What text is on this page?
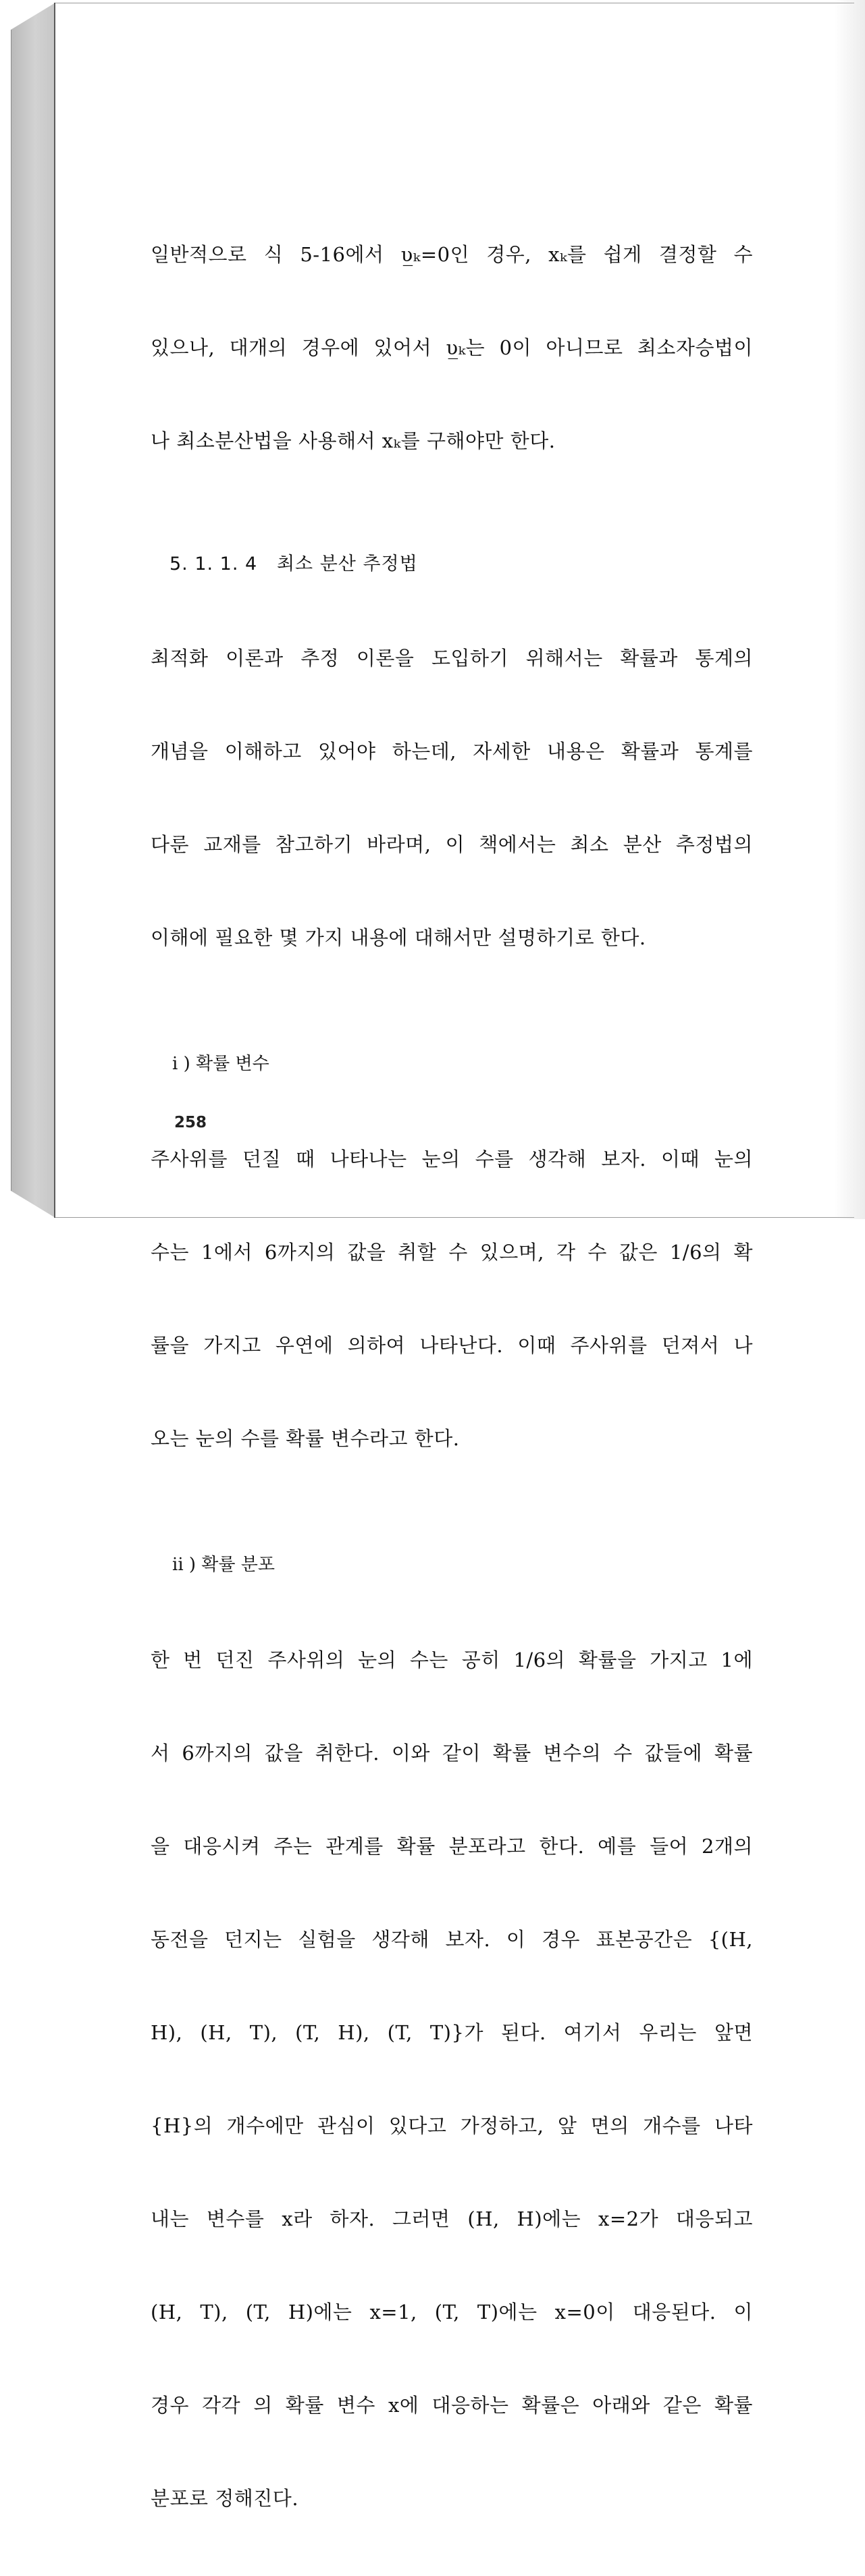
일반적으로 식 5-16에서 υ̲ₖ=0인 경우, xₖ를 쉽게 결정할 수

있으나, 대개의 경우에 있어서 υ̲ₖ는 0이 아니므로 최소자승법이

나 최소분산법을 사용해서 xₖ를 구해야만 한다.

5. 1. 1. 4 최소 분산 추정법

최적화 이론과 추정 이론을 도입하기 위해서는 확률과 통계의

개념을 이해하고 있어야 하는데, 자세한 내용은 확률과 통계를

다룬 교재를 참고하기 바라며, 이 책에서는 최소 분산 추정법의

이해에 필요한 몇 가지 내용에 대해서만 설명하기로 한다.

i ) 확률 변수

주사위를 던질 때 나타나는 눈의 수를 생각해 보자. 이때 눈의

수는 1에서 6까지의 값을 취할 수 있으며, 각 수 값은 1/6의 확

률을 가지고 우연에 의하여 나타난다. 이때 주사위를 던져서 나

오는 눈의 수를 확률 변수라고 한다.

ii ) 확률 분포

한 번 던진 주사위의 눈의 수는 공히 1/6의 확률을 가지고 1에

서 6까지의 값을 취한다. 이와 같이 확률 변수의 수 값들에 확률

을 대응시켜 주는 관계를 확률 분포라고 한다. 예를 들어 2개의

동전을 던지는 실험을 생각해 보자. 이 경우 표본공간은 {(H,

H), (H, T), (T, H), (T, T)}가 된다. 여기서 우리는 앞면

{H}의 개수에만 관심이 있다고 가정하고, 앞 면의 개수를 나타

내는 변수를 x라 하자. 그러면 (H, H)에는 x=2가 대응되고

(H, T), (T, H)에는 x=1, (T, T)에는 x=0이 대응된다. 이

경우 각각 의 확률 변수 x에 대응하는 확률은 아래와 같은 확률

분포로 정해진다.

258
